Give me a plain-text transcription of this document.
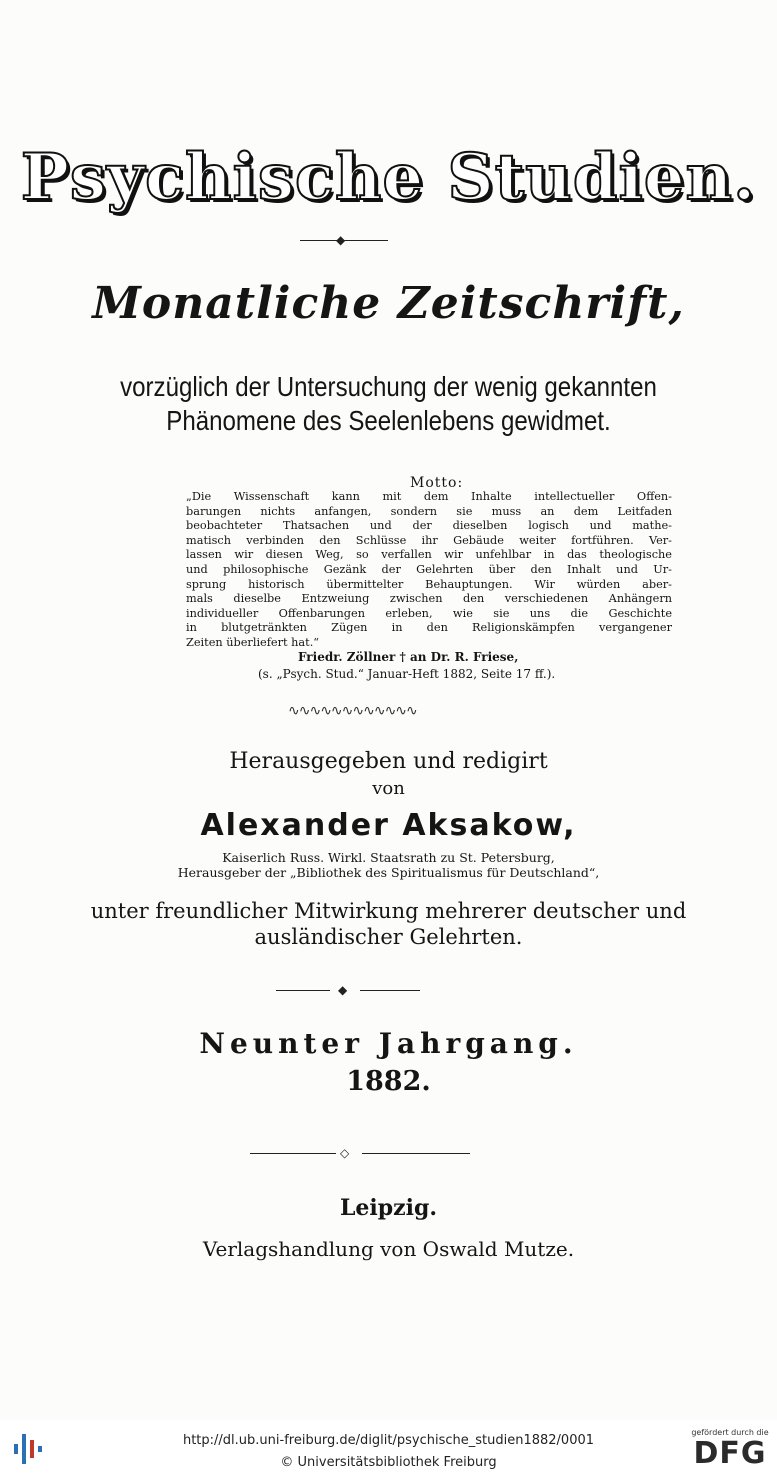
Psychische Studien.
◆
Monatliche Zeitschrift,
vorzüglich der Untersuchung der wenig gekannten
Phänomene des Seelenlebens gewidmet.
Motto:
„Die Wissenschaft kann mit dem Inhalte intellectueller Offen-
barungen nichts anfangen, sondern sie muss an dem Leitfaden
beobachteter Thatsachen und der dieselben logisch und mathe-
matisch verbinden den Schlüsse ihr Gebäude weiter fortführen. Ver-
lassen wir diesen Weg, so verfallen wir unfehlbar in das theologische
und philosophische Gezänk der Gelehrten über den Inhalt und Ur-
sprung historisch übermittelter Behauptungen. Wir würden aber-
mals dieselbe Entzweiung zwischen den verschiedenen Anhängern
individueller Offenbarungen erleben, wie sie uns die Geschichte
in blutgetränkten Zügen in den Religionskämpfen vergangener
Zeiten überliefert hat.“
Friedr. Zöllner † an Dr. R. Friese,
(s. „Psych. Stud.“ Januar-Heft 1882, Seite 17 ff.).
∿∿∿∿∿∿∿∿∿∿∿∿
Herausgegeben und redigirt
von
Alexander Aksakow,
Kaiserlich Russ. Wirkl. Staatsrath zu St. Petersburg,
Herausgeber der „Bibliothek des Spiritualismus für Deutschland“,
unter freundlicher Mitwirkung mehrerer deutscher und
ausländischer Gelehrten.
◆
Neunter Jahrgang.
1882.
◇
Leipzig.
Verlagshandlung von Oswald Mutze.
http://dl.ub.uni-freiburg.de/diglit/psychische_studien1882/0001
© Universitätsbibliothek Freiburg
gefördert durch die
DFG
